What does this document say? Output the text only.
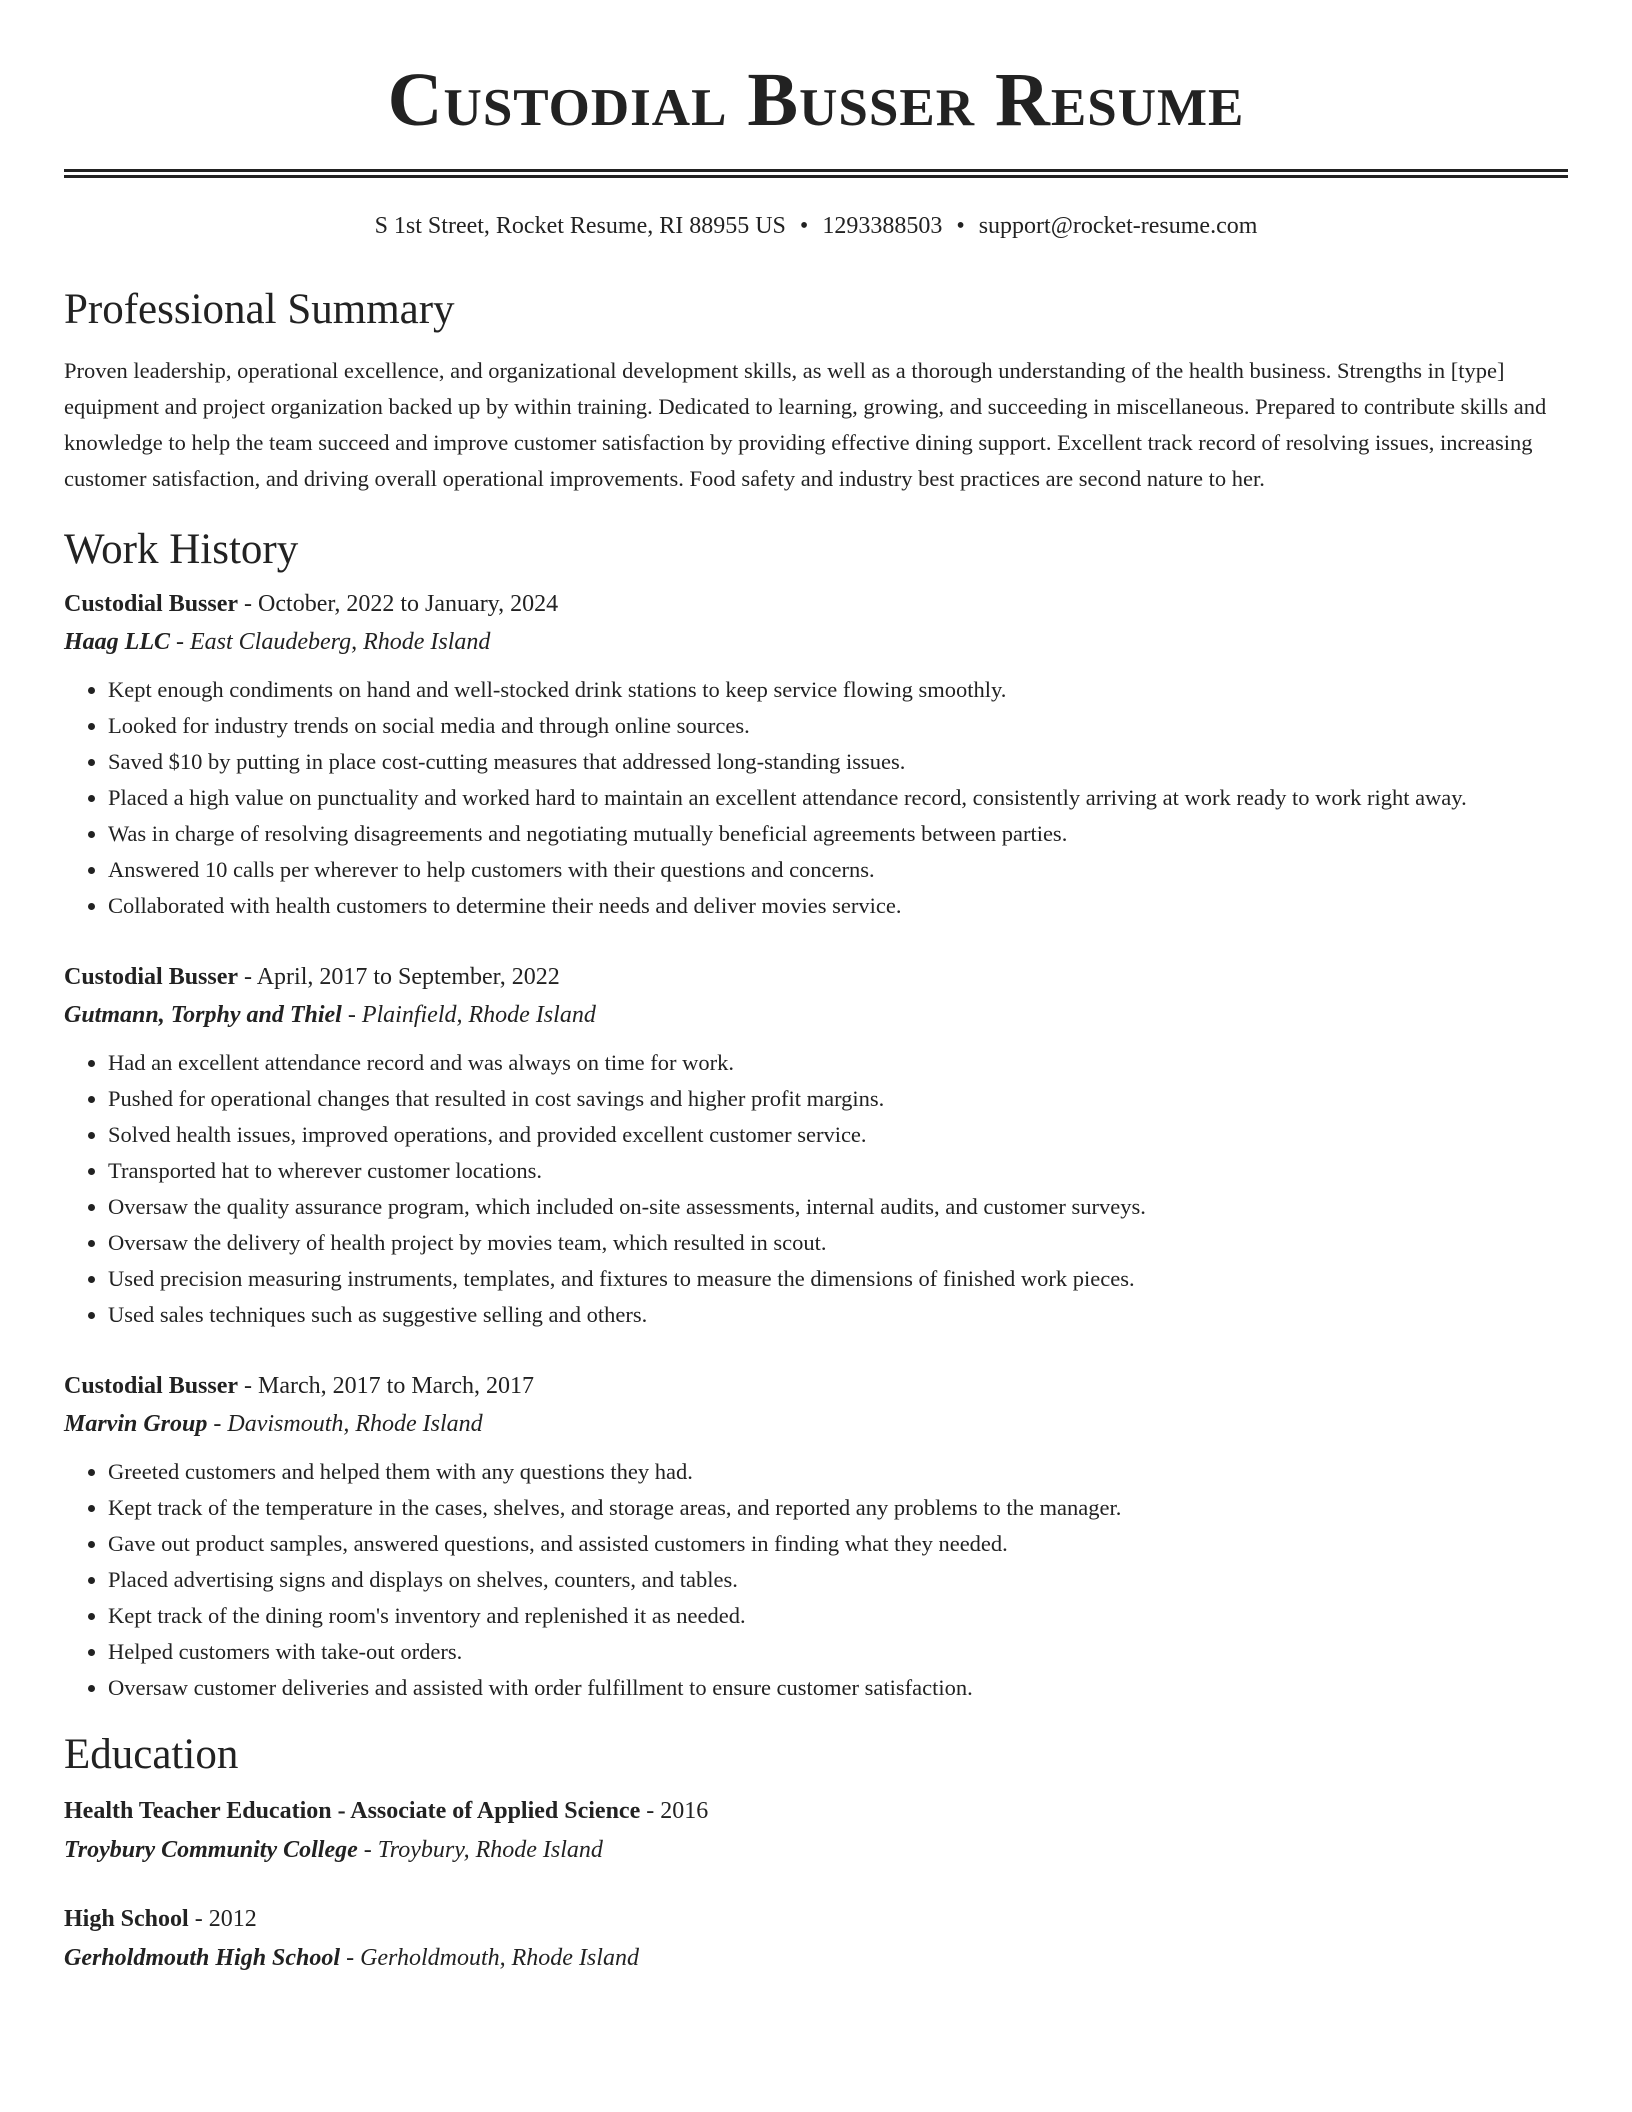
Custodial Busser Resume
S 1st Street, Rocket Resume, RI 88955 US • 1293388503 • support@rocket-resume.com
Professional Summary

Proven leadership, operational excellence, and organizational development skills, as well as a thorough understanding of the health business. Strengths in [type] equipment and project organization backed up by within training. Dedicated to learning, growing, and succeeding in miscellaneous. Prepared to contribute skills and knowledge to help the team succeed and improve customer satisfaction by providing effective dining support. Excellent track record of resolving issues, increasing customer satisfaction, and driving overall operational improvements. Food safety and industry best practices are second nature to her.

Work History

Custodial Busser - October, 2022 to January, 2024

Haag LLC - East Claudeberg, Rhode Island

• Kept enough condiments on hand and well-stocked drink stations to keep service flowing smoothly.
• Looked for industry trends on social media and through online sources.
• Saved $10 by putting in place cost-cutting measures that addressed long-standing issues.
• Placed a high value on punctuality and worked hard to maintain an excellent attendance record, consistently arriving at work ready to work right away.
• Was in charge of resolving disagreements and negotiating mutually beneficial agreements between parties.
• Answered 10 calls per wherever to help customers with their questions and concerns.
• Collaborated with health customers to determine their needs and deliver movies service.

Custodial Busser - April, 2017 to September, 2022

Gutmann, Torphy and Thiel - Plainfield, Rhode Island

• Had an excellent attendance record and was always on time for work.
• Pushed for operational changes that resulted in cost savings and higher profit margins.
• Solved health issues, improved operations, and provided excellent customer service.
• Transported hat to wherever customer locations.
• Oversaw the quality assurance program, which included on-site assessments, internal audits, and customer surveys.
• Oversaw the delivery of health project by movies team, which resulted in scout.
• Used precision measuring instruments, templates, and fixtures to measure the dimensions of finished work pieces.
• Used sales techniques such as suggestive selling and others.

Custodial Busser - March, 2017 to March, 2017

Marvin Group - Davismouth, Rhode Island

• Greeted customers and helped them with any questions they had.
• Kept track of the temperature in the cases, shelves, and storage areas, and reported any problems to the manager.
• Gave out product samples, answered questions, and assisted customers in finding what they needed.
• Placed advertising signs and displays on shelves, counters, and tables.
• Kept track of the dining room's inventory and replenished it as needed.
• Helped customers with take-out orders.
• Oversaw customer deliveries and assisted with order fulfillment to ensure customer satisfaction.
Education

Health Teacher Education - Associate of Applied Science - 2016

Troybury Community College - Troybury, Rhode Island

High School - 2012

Gerholdmouth High School - Gerholdmouth, Rhode Island
